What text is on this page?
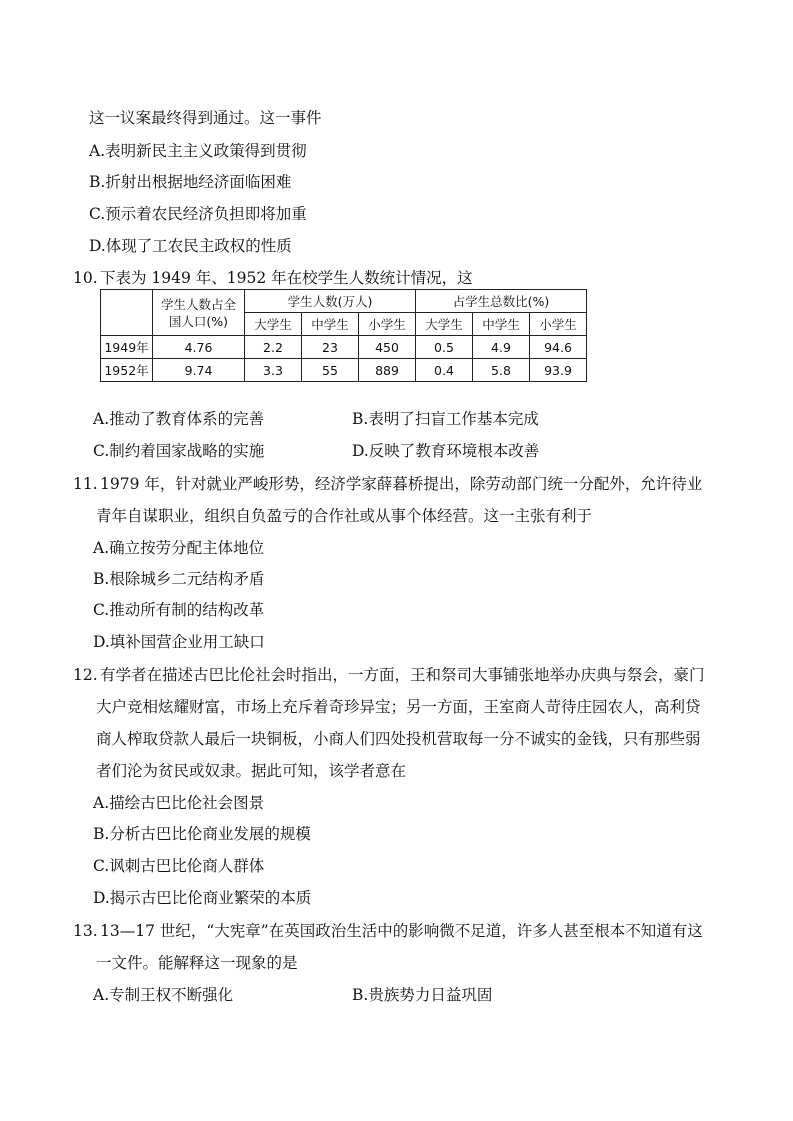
这一议案最终得到通过。这一事件
A.表明新民主主义政策得到贯彻
B.折射出根据地经济面临困难
C.预示着农民经济负担即将加重
D.体现了工农民主政权的性质
10. 下表为 1949 年、1952 年在校学生人数统计情况，这
	学生人数占全
国人口(%)	学生人数(万人)			占学生总数比(%)		
		大学生	中学生	小学生	大学生	中学生	小学生
1949年	4.76	2.2	23	450	0.5	4.9	94.6
1952年	9.74	3.3	55	889	0.4	5.8	93.9
A.推动了教育体系的完善	B.表明了扫盲工作基本完成
C.制约着国家战略的实施	D.反映了教育环境根本改善
11. 1979 年，针对就业严峻形势，经济学家薛暮桥提出，除劳动部门统一分配外，允许待业
青年自谋职业，组织自负盈亏的合作社或从事个体经营。这一主张有利于
A.确立按劳分配主体地位
B.根除城乡二元结构矛盾
C.推动所有制的结构改革
D.填补国营企业用工缺口
12. 有学者在描述古巴比伦社会时指出，一方面，王和祭司大事铺张地举办庆典与祭会，豪门
大户竞相炫耀财富，市场上充斥着奇珍异宝；另一方面，王室商人苛待庄园农人，高利贷
商人榨取贷款人最后一块铜板，小商人们四处投机营取每一分不诚实的金钱，只有那些弱
者们沦为贫民或奴隶。据此可知，该学者意在
A.描绘古巴比伦社会图景
B.分析古巴比伦商业发展的规模
C.讽刺古巴比伦商人群体
D.揭示古巴比伦商业繁荣的本质
13. 13—17 世纪，“大宪章”在英国政治生活中的影响微不足道，许多人甚至根本不知道有这
一文件。能解释这一现象的是
A.专制王权不断强化	B.贵族势力日益巩固
